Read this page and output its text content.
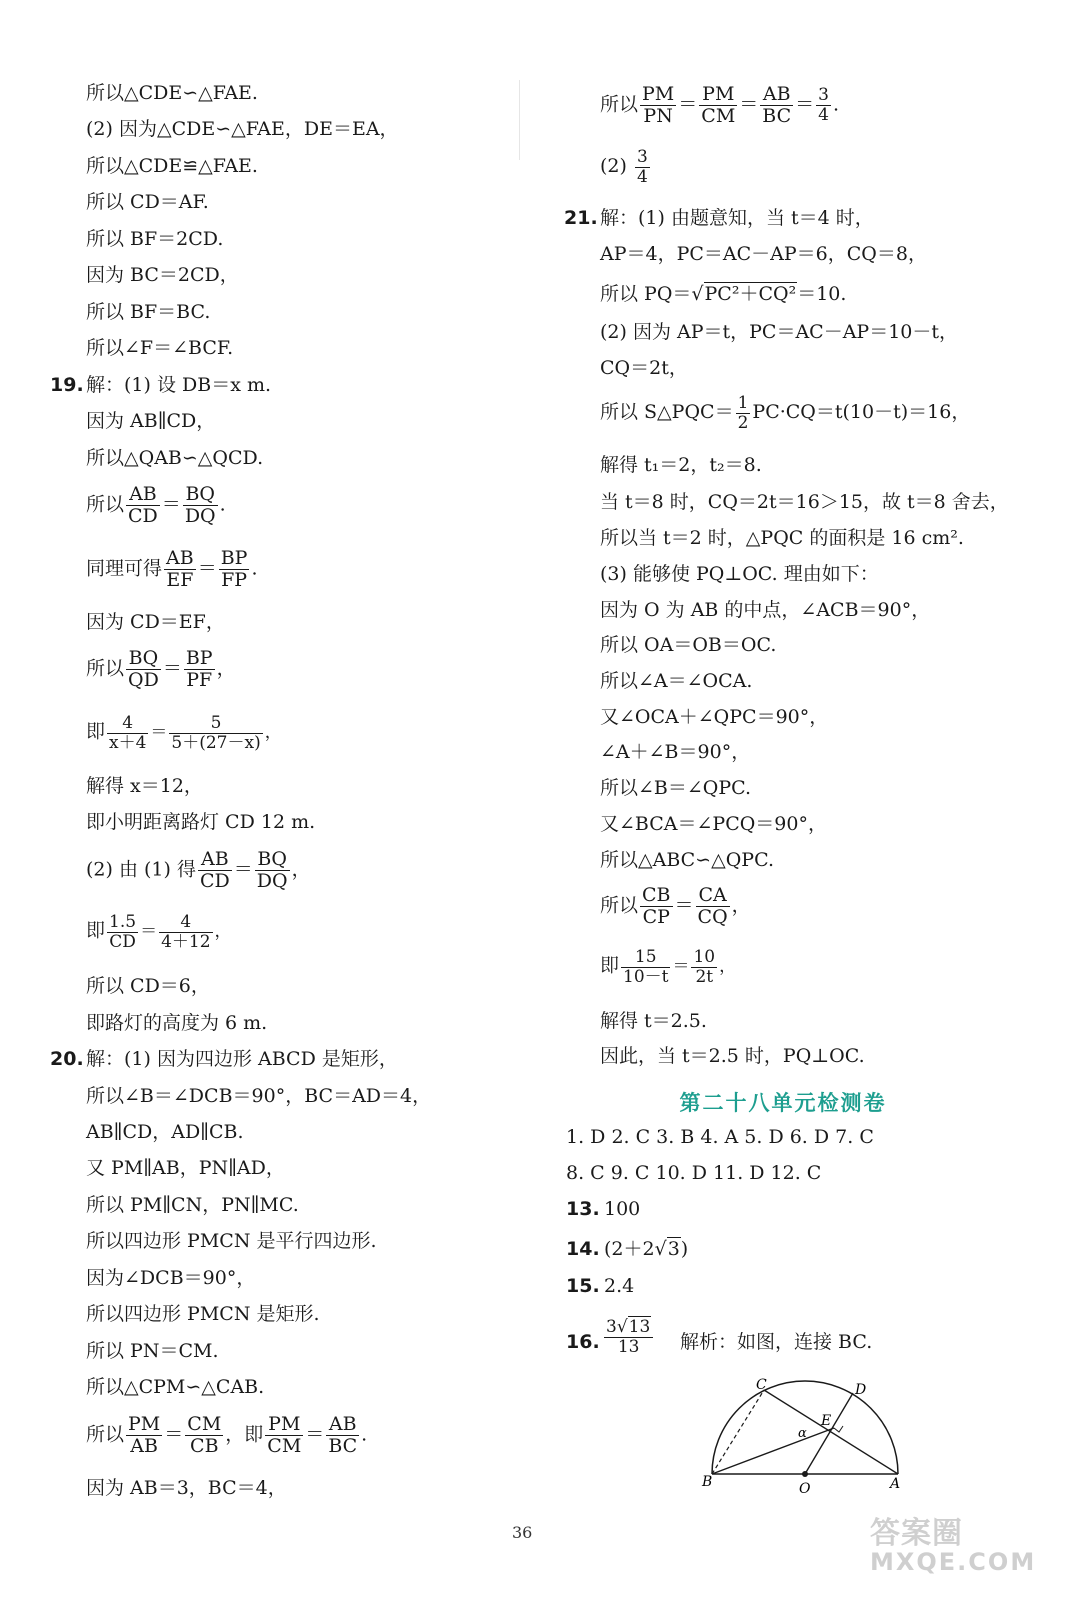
所以△CDE∽△FAE.
(2) 因为△CDE∽△FAE，DE＝EA，
所以△CDE≌△FAE.
所以 CD＝AF.
所以 BF＝2CD.
因为 BC＝2CD，
所以 BF＝BC.
所以∠F＝∠BCF.
19. 解：(1) 设 DB＝x m.
因为 AB∥CD，
所以△QAB∽△QCD.
所以 $\frac{AB}{CD} = \frac{BQ}{DQ}$ .
同理可得 $\frac{AB}{EF} = \frac{BP}{FP}$ .
因为 CD＝EF，
所以 $\frac{BQ}{QD} = \frac{BP}{PF}$ ，
即 $\frac{4}{x+4} = \frac{5}{5+(27-x)}$ ，
解得 x＝12，
即小明距离路灯 CD 12 m.
(2) 由 (1) 得 $\frac{AB}{CD} = \frac{BQ}{DQ}$ ，
即 $\frac{1.5}{CD} = \frac{4}{4+12}$ ，
所以 CD＝6，
即路灯的高度为 6 m.
20. 解：(1) 因为四边形 ABCD 是矩形，
所以∠B＝∠DCB＝90°，BC＝AD＝4，
AB∥CD，AD∥CB.
又 PM∥AB，PN∥AD，
所以 PM∥CN，PN∥MC.
所以四边形 PMCN 是平行四边形.
因为∠DCB＝90°，
所以四边形 PMCN 是矩形.
所以 PN＝CM.
所以△CPM∽△CAB.
所以 $\frac{PM}{AB} = \frac{CM}{CB}$ ，即 $\frac{PM}{CM} = \frac{AB}{BC}$ .
因为 AB＝3，BC＝4，
所以 $\frac{PM}{PN} = \frac{PM}{CM} = \frac{AB}{BC} = \frac{3}{4}$ .
$(2) \frac{3}{4}$
21. 解：(1) 由题意知，当 t＝4 时，
AP＝4，PC＝AC－AP＝6，CQ＝8，
所以 PQ＝√PC²＋CQ²＝10.
(2) 因为 AP＝t，PC＝AC－AP＝10－t，
CQ＝2t，
所以 S△PQC＝ $\frac{1}{2} PC\cdot CQ=t(10-t)=16$，
解得 t₁＝2，t₂＝8.
当 t＝8 时，CQ＝2t＝16＞15，故 t＝8 舍去，
所以当 t＝2 时，△PQC 的面积是 16 cm².
(3) 能够使 PQ⊥OC. 理由如下：
因为 O 为 AB 的中点，∠ACB＝90°，
所以 OA＝OB＝OC.
所以∠A＝∠OCA.
又∠OCA＋∠QPC＝90°，
∠A＋∠B＝90°，
所以∠B＝∠QPC.
又∠BCA＝∠PCQ＝90°，
所以△ABC∽△QPC.
所以 $\frac{CB}{CP} = \frac{CA}{CQ}$ ，
即 $\frac{15}{10-t} = \frac{10}{2t}$ ，
解得 t＝2.5.
因此，当 t＝2.5 时，PQ⊥OC.
1. D 2. C 3. B 4. A 5. D 6. D 7. C
8. C 9. C 10. D 11. D 12. C
13. 100
14. (2＋2√3)
15. 2.4
16. $\frac{3√13}{13}$ 解析：如图，连接 BC.
第二十八单元检测卷
C	D
E
α
B	A
O
36	答案圈
MXQE.COM
